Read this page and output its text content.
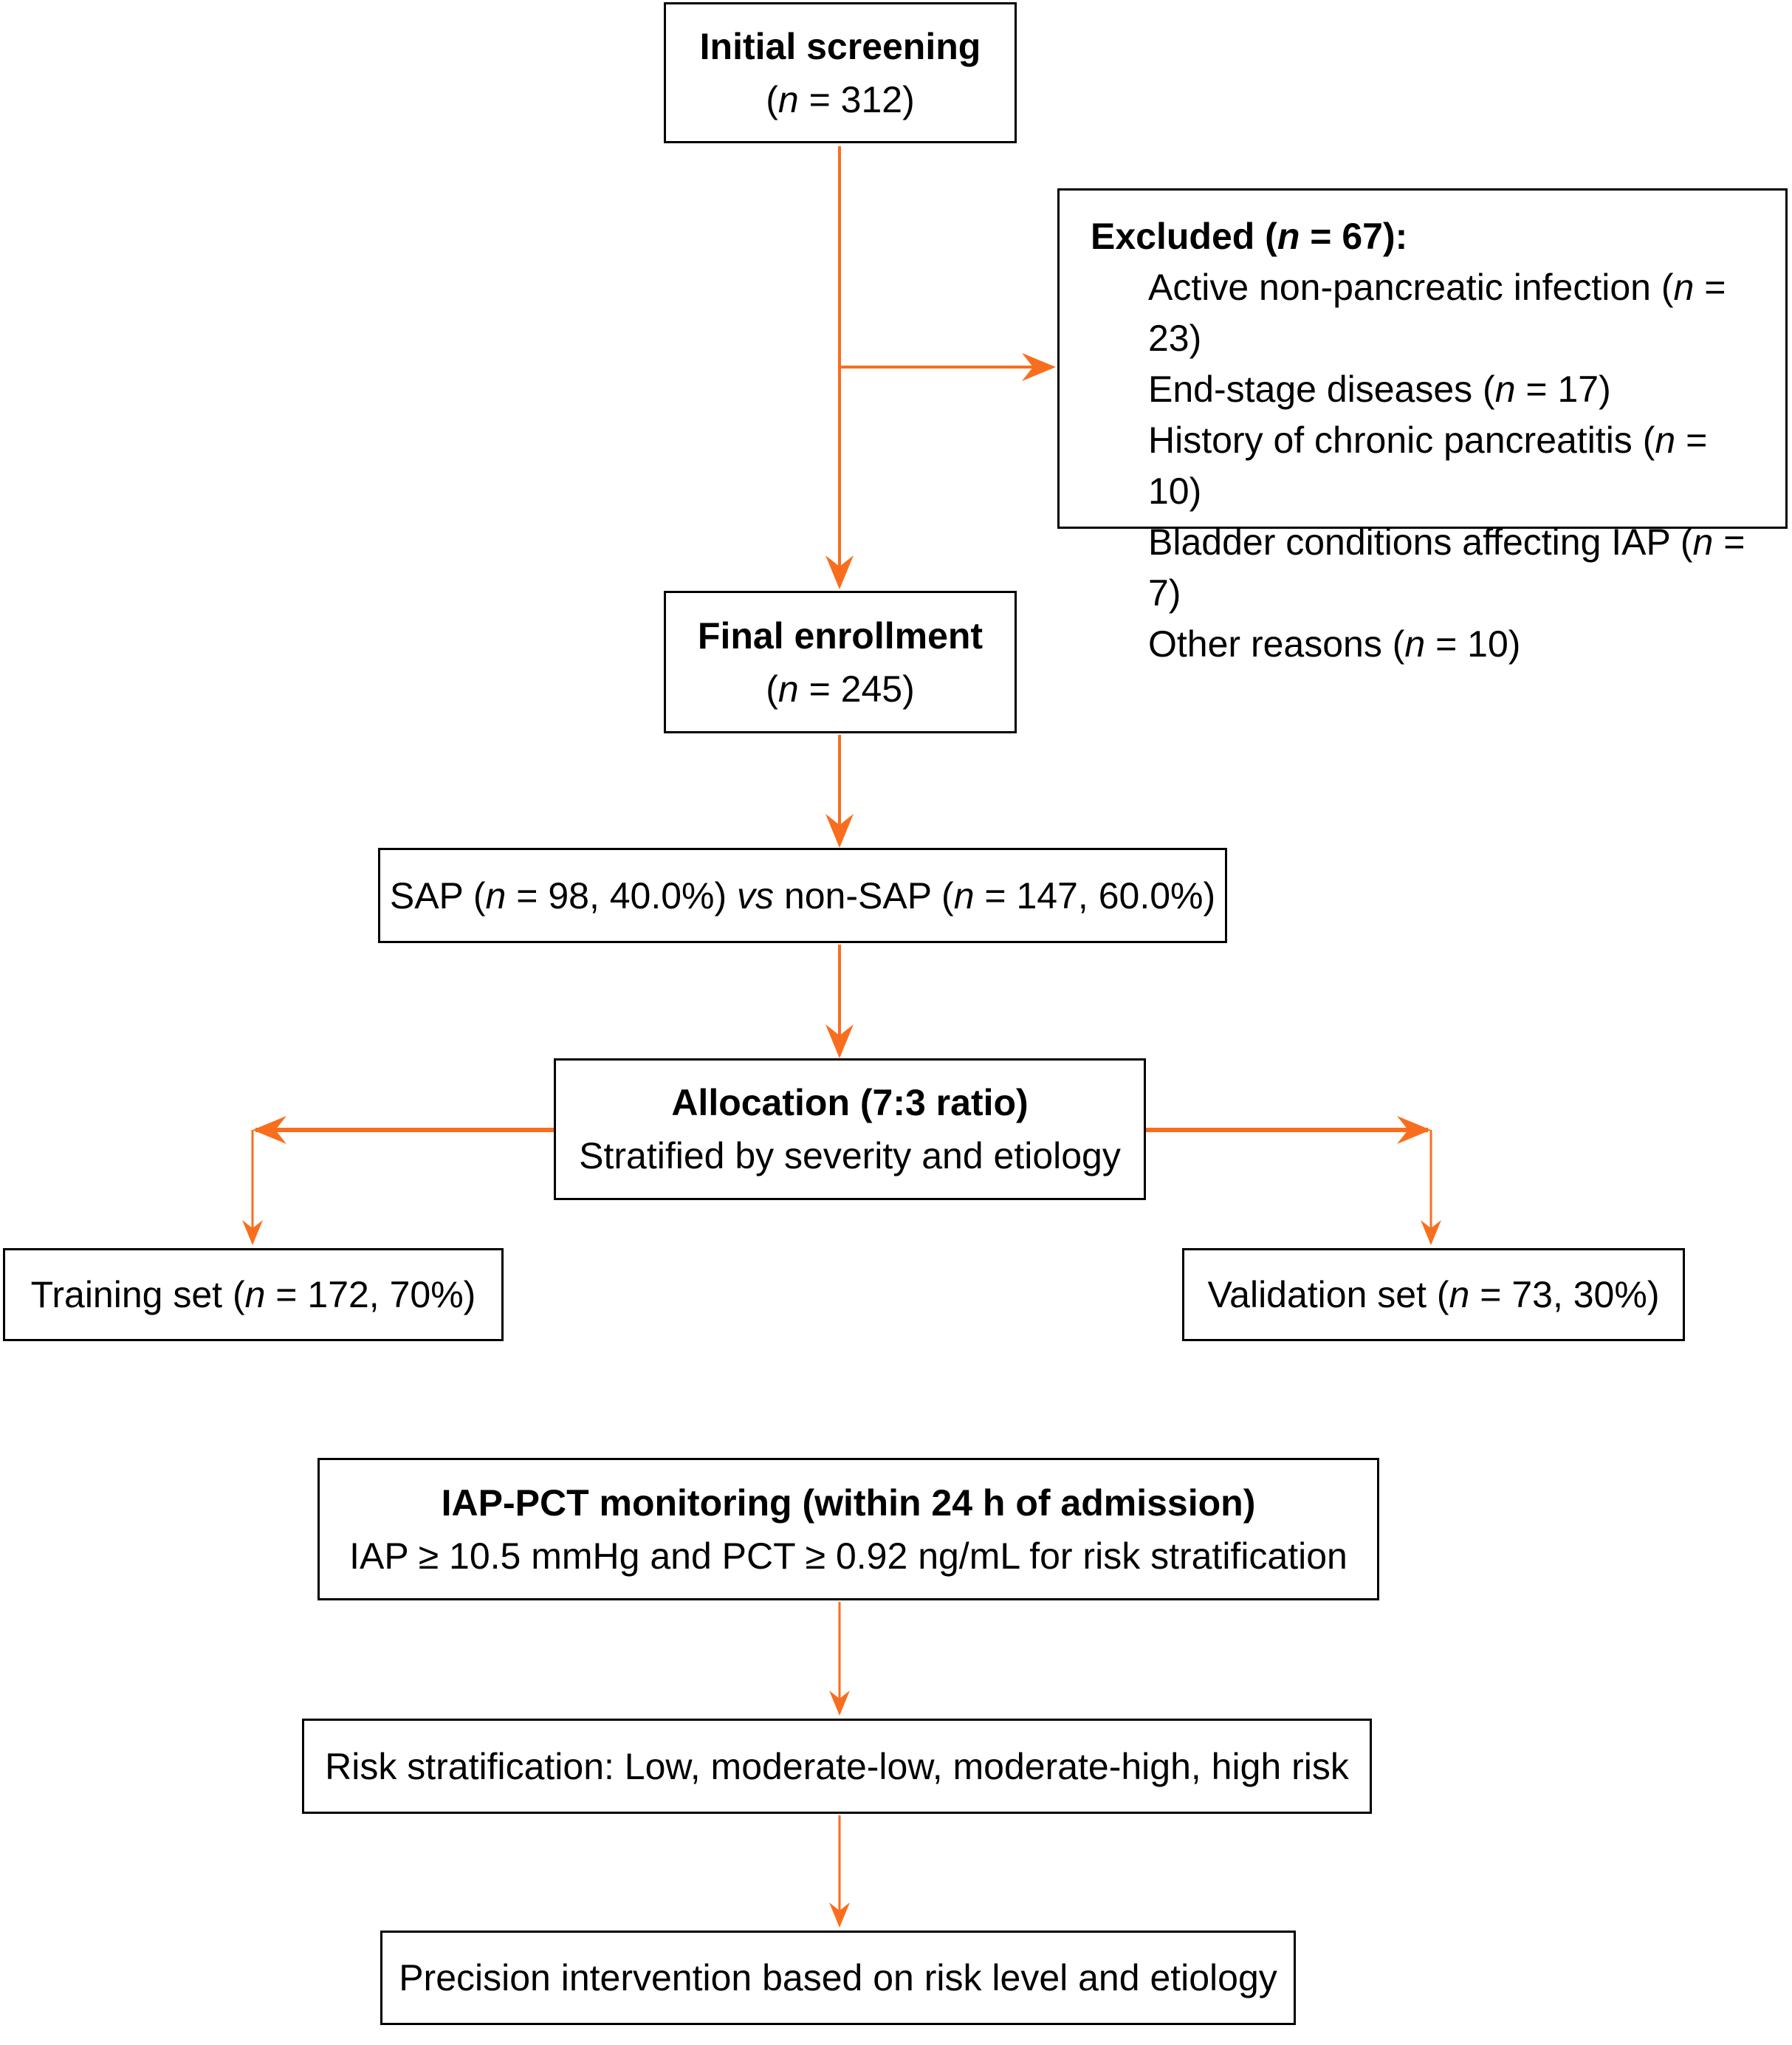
Initial screening
(n = 312)
Excluded (n = 67):
Active non-pancreatic infection (n = 23)
End-stage diseases (n = 17)
History of chronic pancreatitis (n = 10)
Bladder conditions affecting IAP (n = 7)
Other reasons (n = 10)
Final enrollment
(n = 245)
SAP (n = 98, 40.0%) vs non-SAP (n = 147, 60.0%)
Allocation (7:3 ratio)
Stratified by severity and etiology
Training set (n = 172, 70%)	Validation set (n = 73, 30%)
IAP-PCT monitoring (within 24 h of admission)
IAP ≥ 10.5 mmHg and PCT ≥ 0.92 ng/mL for risk stratification
Risk stratification: Low, moderate-low, moderate-high, high risk
Precision intervention based on risk level and etiology
